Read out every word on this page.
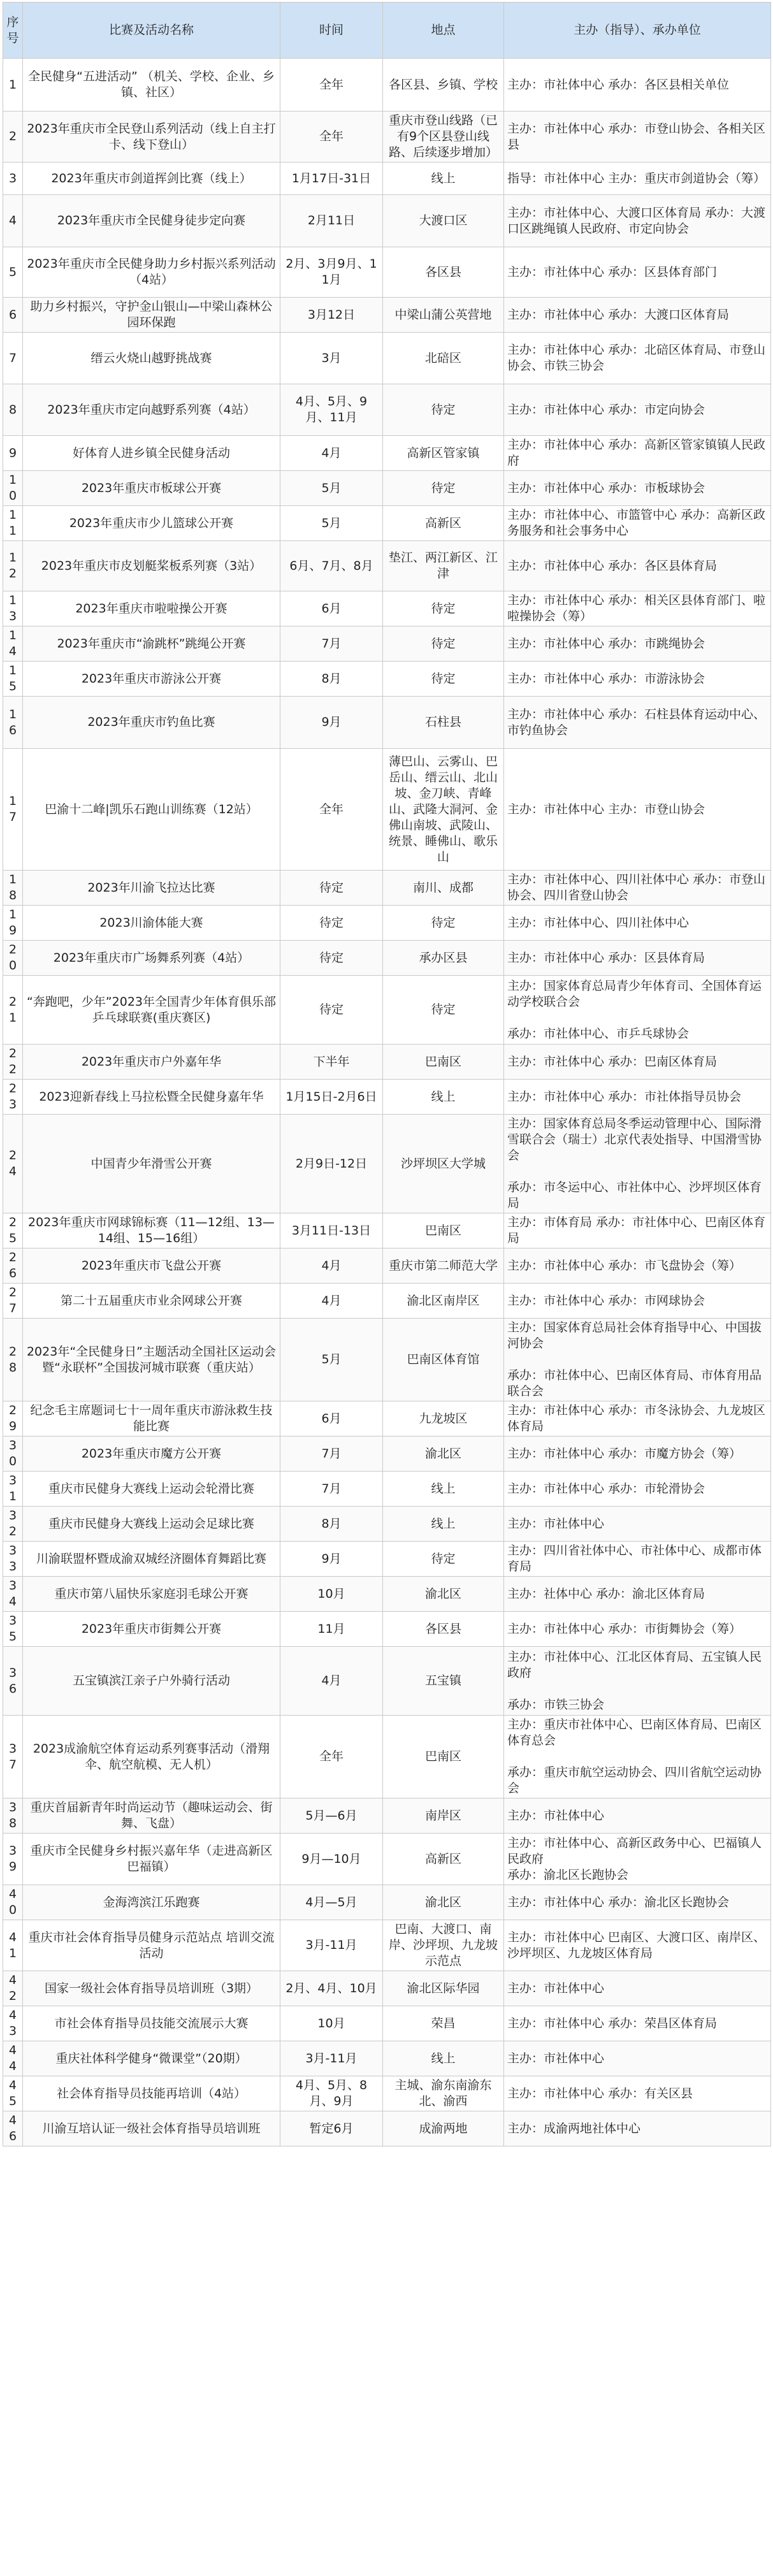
序号	比赛及活动名称	时间	地点	主办（指导）、承办单位
1	全民健身“五进活动” （机关、学校、企业、乡镇、社区）	全年	各区县、乡镇、学校	主办：市社体中心 承办：各区县相关单位
2	2023年重庆市全民登山系列活动（线上自主打卡、线下登山）	全年	重庆市登山线路（已有9个区县登山线路、后续逐步增加）	主办：市社体中心 承办：市登山协会、各相关区县
3	2023年重庆市剑道挥剑比赛（线上）	1月17日-31日	线上	指导：市社体中心 主办：重庆市剑道协会（筹）
4	2023年重庆市全民健身徒步定向赛	2月11日	大渡口区	主办：市社体中心、大渡口区体育局 承办：大渡口区跳绳镇人民政府、市定向协会
5	2023年重庆市全民健身助力乡村振兴系列活动（4站）	2月、3月9月、11月	各区县	主办：市社体中心 承办：区县体育部门
6	助力乡村振兴，守护金山银山—中梁山森林公园环保跑	3月12日	中梁山蒲公英营地	主办：市社体中心 承办：大渡口区体育局
7	缙云火烧山越野挑战赛	3月	北碚区	主办：市社体中心 承办：北碚区体育局、市登山协会、市铁三协会
8	2023年重庆市定向越野系列赛（4站）	4月、5月、9月、11月	待定	主办：市社体中心 承办：市定向协会
9	好体育人进乡镇全民健身活动	4月	高新区管家镇	主办：市社体中心 承办：高新区管家镇镇人民政府
10	2023年重庆市板球公开赛	5月	待定	主办：市社体中心 承办：市板球协会
11	2023年重庆市少儿篮球公开赛	5月	高新区	主办：市社体中心、市篮管中心 承办：高新区政务服务和社会事务中心
12	2023年重庆市皮划艇桨板系列赛（3站）	6月、7月、8月	垫江、两江新区、江津	主办：市社体中心 承办：各区县体育局
13	2023年重庆市啦啦操公开赛	6月	待定	主办：市社体中心 承办：相关区县体育部门、啦啦操协会（筹）
14	2023年重庆市“渝跳杯”跳绳公开赛	7月	待定	主办：市社体中心 承办：市跳绳协会
15	2023年重庆市游泳公开赛	8月	待定	主办：市社体中心 承办：市游泳协会
16	2023年重庆市钓鱼比赛	9月	石柱县	主办：市社体中心 承办：石柱县体育运动中心、市钓鱼协会
17	巴渝十二峰|凯乐石跑山训练赛（12站）	全年	薄巴山、云雾山、巴岳山、缙云山、北山坡、金刀峡、青峰山、武隆大洞河、金佛山南坡、武陵山、统景、睡佛山、歌乐山	主办：市社体中心 主办：市登山协会
18	2023年川渝飞拉达比赛	待定	南川、成都	主办：市社体中心、四川社体中心 承办：市登山协会、四川省登山协会
19	2023川渝体能大赛	待定	待定	主办：市社体中心、四川社体中心
20	2023年重庆市广场舞系列赛（4站）	待定	承办区县	主办：市社体中心 承办：区县体育局
21	“奔跑吧，少年”2023年全国青少年体育俱乐部乒乓球联赛(重庆赛区)	待定	待定	主办：国家体育总局青少年体育司、全国体育运动学校联合会

承办：市社体中心、市乒乓球协会
22	2023年重庆市户外嘉年华	下半年	巴南区	主办：市社体中心 承办：巴南区体育局
23	2023迎新春线上马拉松暨全民健身嘉年华	1月15日-2月6日	线上	主办：市社体中心 承办：市社体指导员协会
24	中国青少年滑雪公开赛	2月9日-12日	沙坪坝区大学城	主办：国家体育总局冬季运动管理中心、国际滑雪联合会（瑞士）北京代表处指导、中国滑雪协会

承办：市冬运中心、市社体中心、沙坪坝区体育局
25	2023年重庆市网球锦标赛（11—12组、13—14组、15—16组）	3月11日-13日	巴南区	主办：市体育局 承办：市社体中心、巴南区体育局
26	2023年重庆市飞盘公开赛	4月	重庆市第二师范大学	主办：市社体中心 承办：市飞盘协会（筹）
27	第二十五届重庆市业余网球公开赛	4月	渝北区南岸区	主办：市社体中心 承办：市网球协会
28	2023年“全民健身日”主题活动全国社区运动会暨“永联杯”全国拔河城市联赛（重庆站）	5月	巴南区体育馆	主办：国家体育总局社会体育指导中心、中国拔河协会

承办：市社体中心、巴南区体育局、市体育用品联合会
29	纪念毛主席题词七十一周年重庆市游泳救生技能比赛	6月	九龙坡区	主办：市社体中心 承办：市冬泳协会、九龙坡区体育局
30	2023年重庆市魔方公开赛	7月	渝北区	主办：市社体中心 承办：市魔方协会（筹）
31	重庆市民健身大赛线上运动会轮滑比赛	7月	线上	主办：市社体中心 承办：市轮滑协会
32	重庆市民健身大赛线上运动会足球比赛	8月	线上	主办：市社体中心
33	川渝联盟杯暨成渝双城经济圈体育舞蹈比赛	9月	待定	主办：四川省社体中心、市社体中心、成都市体育局
34	重庆市第八届快乐家庭羽毛球公开赛	10月	渝北区	主办：社体中心 承办：渝北区体育局
35	2023年重庆市街舞公开赛	11月	各区县	主办：市社体中心 承办：市街舞协会（筹）
36	五宝镇滨江亲子户外骑行活动	4月	五宝镇	主办：市社体中心、江北区体育局、五宝镇人民政府

承办：市铁三协会
37	2023成渝航空体育运动系列赛事活动（滑翔伞、航空航模、无人机）	全年	巴南区	主办：重庆市社体中心、巴南区体育局、巴南区体育总会

承办：重庆市航空运动协会、四川省航空运动协会
38	重庆首届新青年时尚运动节（趣味运动会、街舞、飞盘）	5月—6月	南岸区	主办：市社体中心
39	重庆市全民健身乡村振兴嘉年华（走进高新区巴福镇）	9月—10月	高新区	主办：市社体中心、高新区政务中心、巴福镇人民政府
承办：渝北区长跑协会
40	金海湾滨江乐跑赛	4月—5月	渝北区	主办：市社体中心 承办：渝北区长跑协会
41	重庆市社会体育指导员健身示范站点 培训交流活动	3月-11月	巴南、大渡口、南岸、沙坪坝、九龙坡示范点	主办：市社体中心 巴南区、大渡口区、南岸区、沙坪坝区、九龙坡区体育局
42	国家一级社会体育指导员培训班（3期）	2月、4月、10月	渝北区际华园	主办：市社体中心
43	市社会体育指导员技能交流展示大赛	10月	荣昌	主办：市社体中心 承办：荣昌区体育局
44	重庆社体科学健身“微课堂”（20期）	3月-11月	线上	主办：市社体中心
45	社会体育指导员技能再培训（4站）	4月、5月、8月、9月	主城、渝东南渝东北、渝西	主办：市社体中心 承办：有关区县
46	川渝互培认证一级社会体育指导员培训班	暂定6月	成渝两地	主办：成渝两地社体中心
